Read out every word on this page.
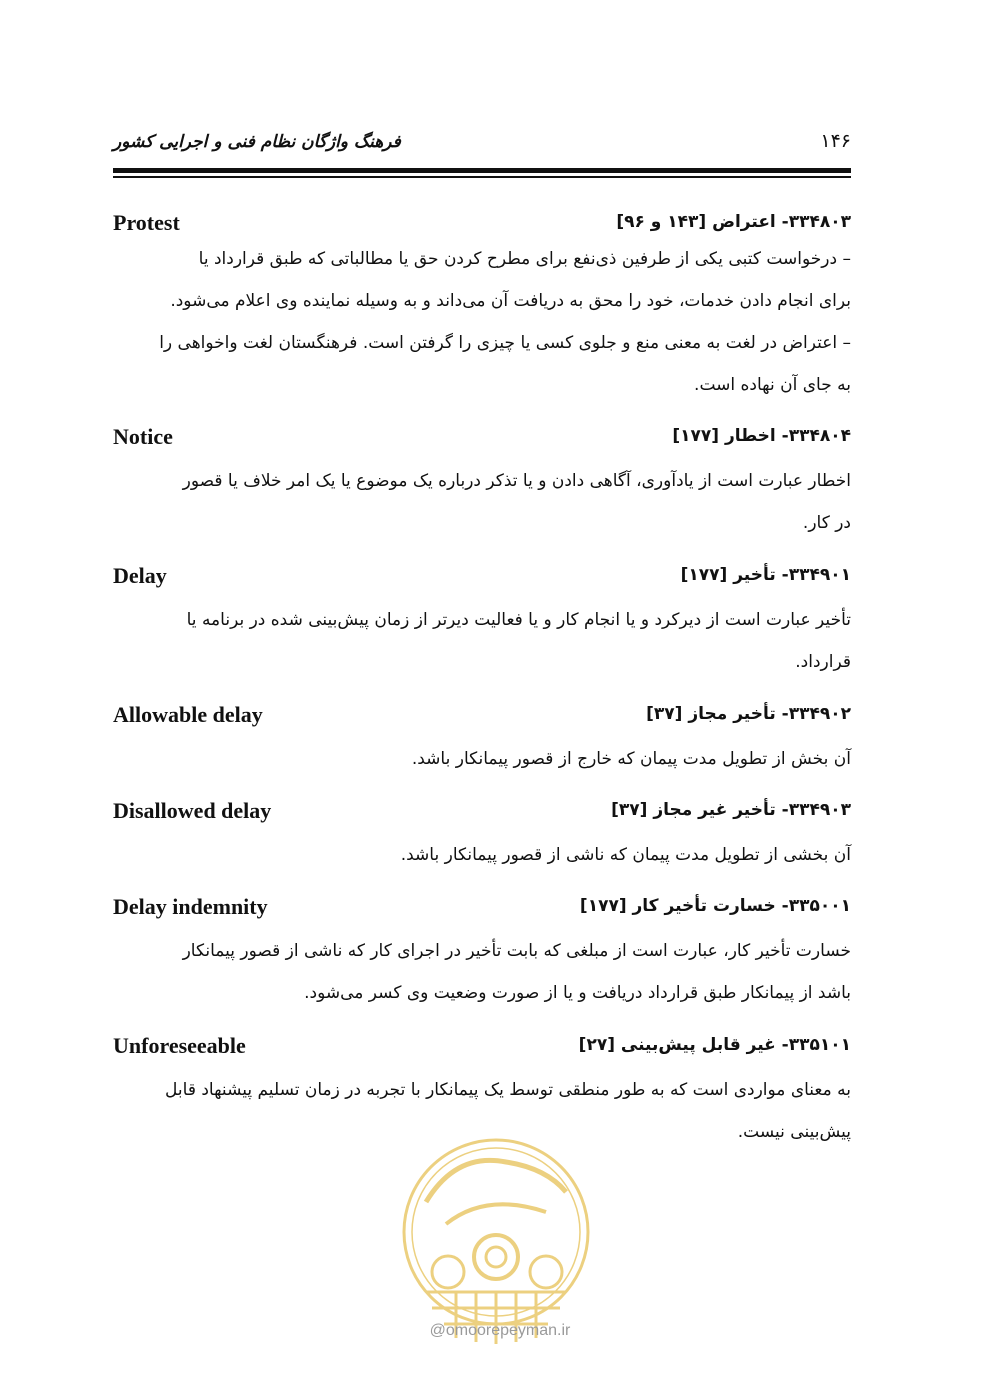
۱۴۶
فرهنگ واژگان نظام فنی و اجرایی کشور
۳۳۴۸۰۳- اعتراض [۱۴۳ و ۹۶]
Protest
– درخواست کتبی یکی از طرفین ذی‌نفع برای مطرح کردن حق یا مطالباتی که طبق قرارداد یا
برای انجام دادن خدمات، خود را محق به دریافت آن می‌داند و به وسیله نماینده وی اعلام می‌شود.
– اعتراض در لغت به معنی منع و جلوی کسی یا چیزی را گرفتن است. فرهنگستان لغت واخواهی را
به جای آن نهاده است.
۳۳۴۸۰۴- اخطار [۱۷۷]
Notice
اخطار عبارت است از یادآوری، آگاهی دادن و یا تذکر درباره یک موضوع یا یک امر خلاف یا قصور
در کار.
۳۳۴۹۰۱- تأخیر [۱۷۷]
Delay
تأخیر عبارت است از دیرکرد و یا انجام کار و یا فعالیت دیرتر از زمان پیش‌بینی شده در برنامه یا
قرارداد.
۳۳۴۹۰۲- تأخیر مجاز [۳۷]
Allowable delay
آن بخش از تطویل مدت پیمان که خارج از قصور پیمانکار باشد.
۳۳۴۹۰۳- تأخیر غیر مجاز [۳۷]
Disallowed delay
آن بخشی از تطویل مدت پیمان که ناشی از قصور پیمانکار باشد.
۳۳۵۰۰۱- خسارت تأخیر کار [۱۷۷]
Delay indemnity
خسارت تأخیر کار، عبارت است از مبلغی که بابت تأخیر در اجرای کار که ناشی از قصور پیمانکار
باشد از پیمانکار طبق قرارداد دریافت و یا از صورت وضعیت وی کسر می‌شود.
۳۳۵۱۰۱- غیر قابل پیش‌بینی [۲۷]
Unforeseeable
به معنای مواردی است که به طور منطقی توسط یک پیمانکار با تجربه در زمان تسلیم پیشنهاد قابل
پیش‌بینی نیست.
@omoorepeyman.ir
